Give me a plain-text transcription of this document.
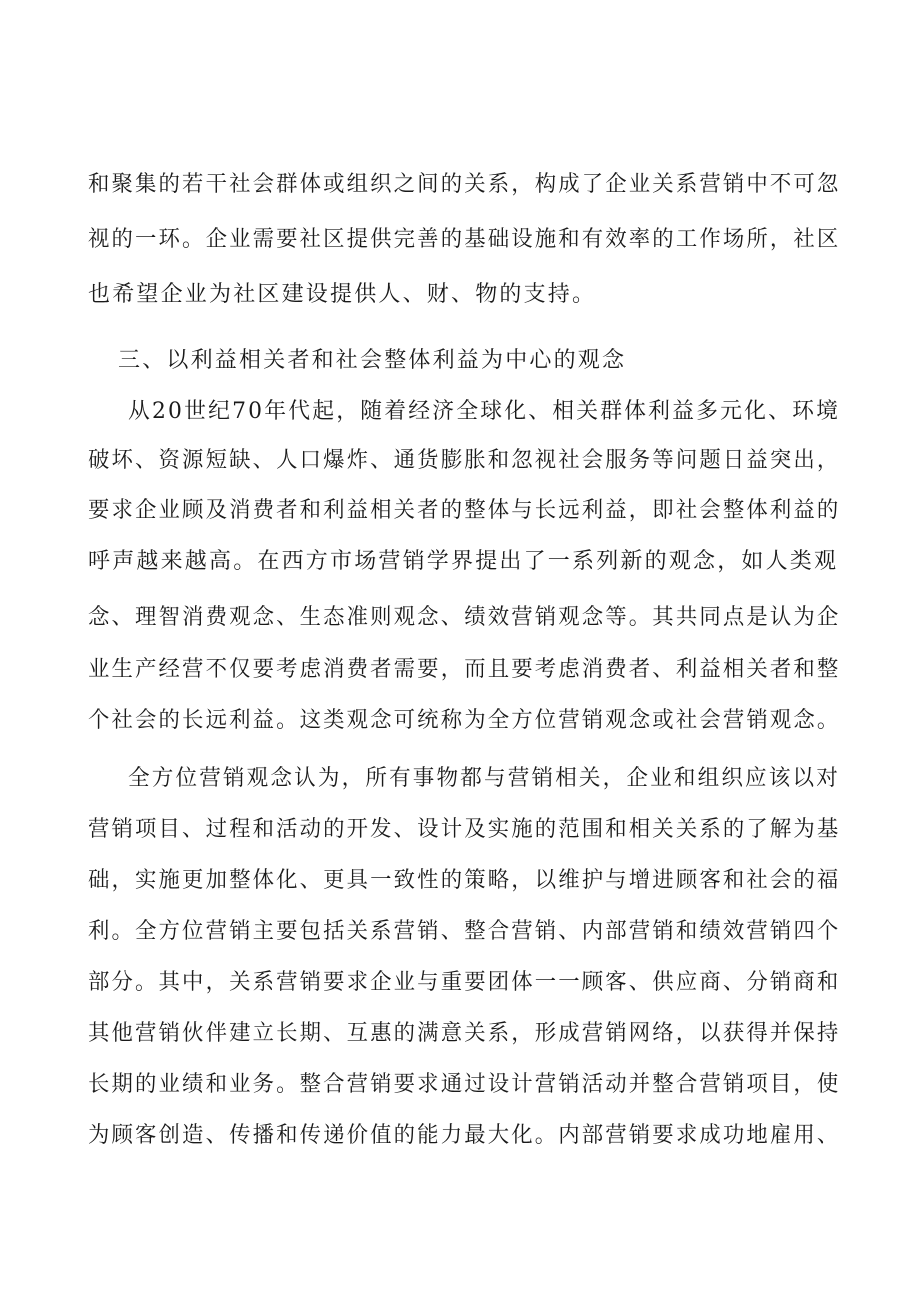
和聚集的若干社会群体或组织之间的关系，构成了企业关系营销中不可忽
视的一环。企业需要社区提供完善的基础设施和有效率的工作场所，社区
也希望企业为社区建设提供人、财、物的支持。
三、以利益相关者和社会整体利益为中心的观念
从20世纪70年代起，随着经济全球化、相关群体利益多元化、环境
破坏、资源短缺、人口爆炸、通货膨胀和忽视社会服务等问题日益突出，
要求企业顾及消费者和利益相关者的整体与长远利益，即社会整体利益的
呼声越来越高。在西方市场营销学界提出了一系列新的观念，如人类观
念、理智消费观念、生态准则观念、绩效营销观念等。其共同点是认为企
业生产经营不仅要考虑消费者需要，而且要考虑消费者、利益相关者和整
个社会的长远利益。这类观念可统称为全方位营销观念或社会营销观念。
全方位营销观念认为，所有事物都与营销相关，企业和组织应该以对
营销项目、过程和活动的开发、设计及实施的范围和相关关系的了解为基
础，实施更加整体化、更具一致性的策略，以维护与增进顾客和社会的福
利。全方位营销主要包括关系营销、整合营销、内部营销和绩效营销四个
部分。其中，关系营销要求企业与重要团体一一顾客、供应商、分销商和
其他营销伙伴建立长期、互惠的满意关系，形成营销网络，以获得并保持
长期的业绩和业务。整合营销要求通过设计营销活动并整合营销项目，使
为顾客创造、传播和传递价值的能力最大化。内部营销要求成功地雇用、
